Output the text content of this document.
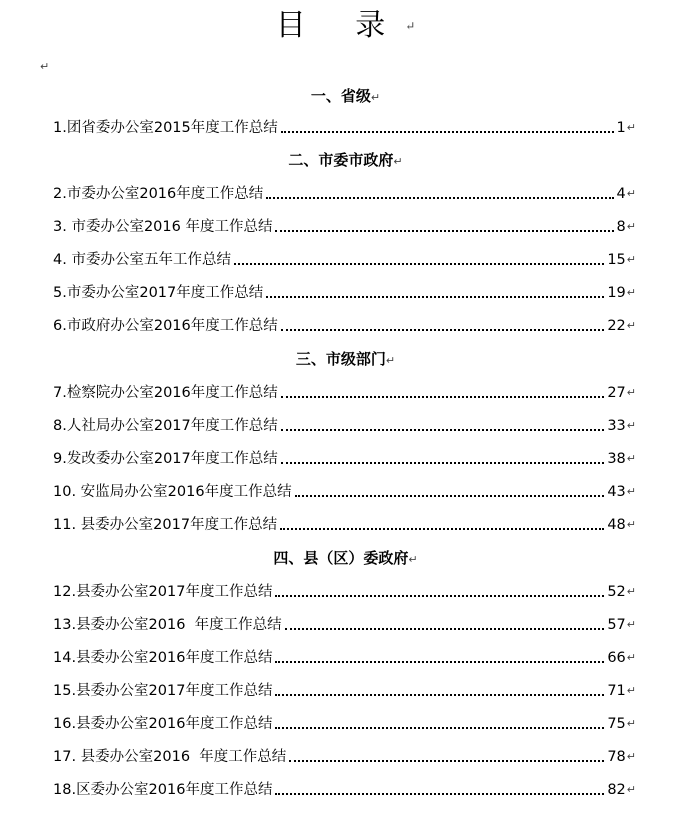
目 录↵
↵
一、省级↵
1. 团省委办公室2015年度工作总结	1 ↵
二、市委市政府↵
2. 市委办公室2016年度工作总结	4 ↵
3. 市委办公室2016 年度工作总结	8 ↵
4. 市委办公室五年工作总结	15 ↵
5. 市委办公室2017年度工作总结	19 ↵
6. 市政府办公室2016年度工作总结	22 ↵
三、市级部门↵
7. 检察院办公室2016年度工作总结	27 ↵
8. 人社局办公室2017年度工作总结	33 ↵
9. 发改委办公室2017年度工作总结	38 ↵
10. 安监局办公室2016年度工作总结	43 ↵
11. 县委办公室2017年度工作总结	48 ↵
四、县（区）委政府↵
12. 县委办公室2017年度工作总结	52 ↵
13. 县委办公室2016  年度工作总结	57 ↵
14. 县委办公室2016年度工作总结	66 ↵
15. 县委办公室2017年度工作总结	71 ↵
16. 县委办公室2016年度工作总结	75 ↵
17. 县委办公室2016  年度工作总结	78 ↵
18. 区委办公室2016年度工作总结	82 ↵
